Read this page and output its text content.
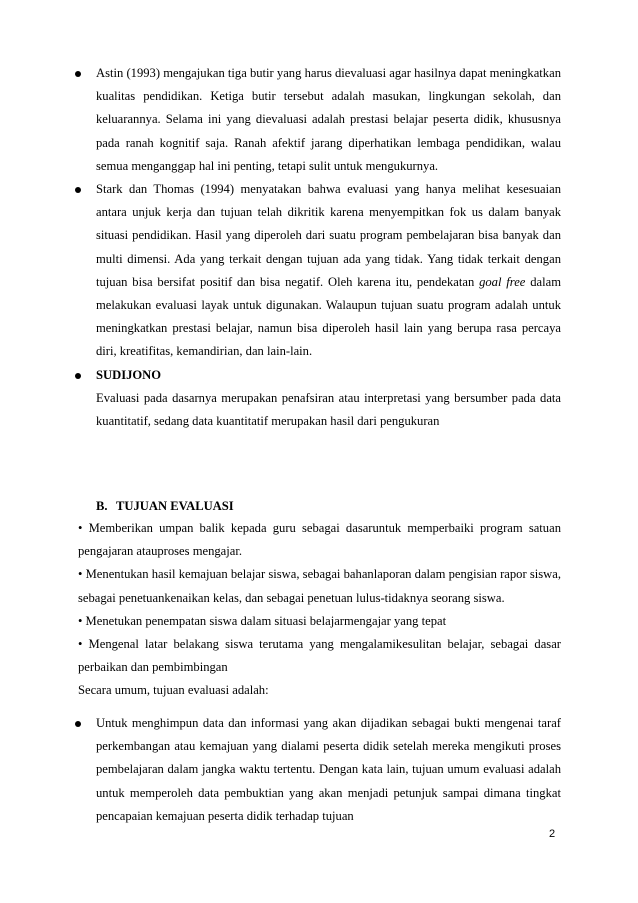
Astin (1993) mengajukan tiga butir yang harus dievaluasi agar hasilnya dapat meningkatkan kualitas pendidikan. Ketiga butir tersebut adalah masukan, lingkungan sekolah, dan keluarannya. Selama ini yang dievaluasi adalah prestasi belajar peserta didik, khususnya pada ranah kognitif saja. Ranah afektif jarang diperhatikan lembaga pendidikan, walau semua menganggap hal ini penting, tetapi sulit untuk mengukurnya.
Stark dan Thomas (1994) menyatakan bahwa evaluasi yang hanya melihat kesesuaian antara unjuk kerja dan tujuan telah dikritik karena menyempitkan fok us dalam banyak situasi pendidikan. Hasil yang diperoleh dari suatu program pembelajaran bisa banyak dan multi dimensi. Ada yang terkait dengan tujuan ada yang tidak. Yang tidak terkait dengan tujuan bisa bersifat positif dan bisa negatif. Oleh karena itu, pendekatan goal free dalam melakukan evaluasi layak untuk digunakan. Walaupun tujuan suatu program adalah untuk meningkatkan prestasi belajar, namun bisa diperoleh hasil lain yang berupa rasa percaya diri, kreatifitas, kemandirian, dan lain-lain.
SUDIJONO
Evaluasi pada dasarnya merupakan penafsiran atau interpretasi yang bersumber pada data kuantitatif, sedang data kuantitatif merupakan hasil dari pengukuran
B. TUJUAN EVALUASI

• Memberikan umpan balik kepada guru sebagai dasaruntuk memperbaiki program satuan pengajaran atauproses mengajar.

• Menentukan hasil kemajuan belajar siswa, sebagai bahanlaporan dalam pengisian rapor siswa, sebagai penetuankenaikan kelas, dan sebagai penetuan lulus-tidaknya seorang siswa.

• Menetukan penempatan siswa dalam situasi belajarmengajar yang tepat

• Mengenal latar belakang siswa terutama yang mengalamikesulitan belajar, sebagai dasar perbaikan dan pembimbingan

Secara umum, tujuan evaluasi adalah:

Untuk menghimpun data dan informasi yang akan dijadikan sebagai bukti mengenai taraf perkembangan atau kemajuan yang dialami peserta didik setelah mereka mengikuti proses pembelajaran dalam jangka waktu tertentu. Dengan kata lain, tujuan umum evaluasi adalah untuk memperoleh data pembuktian yang akan menjadi petunjuk sampai dimana tingkat pencapaian kemajuan peserta didik terhadap tujuan
2
